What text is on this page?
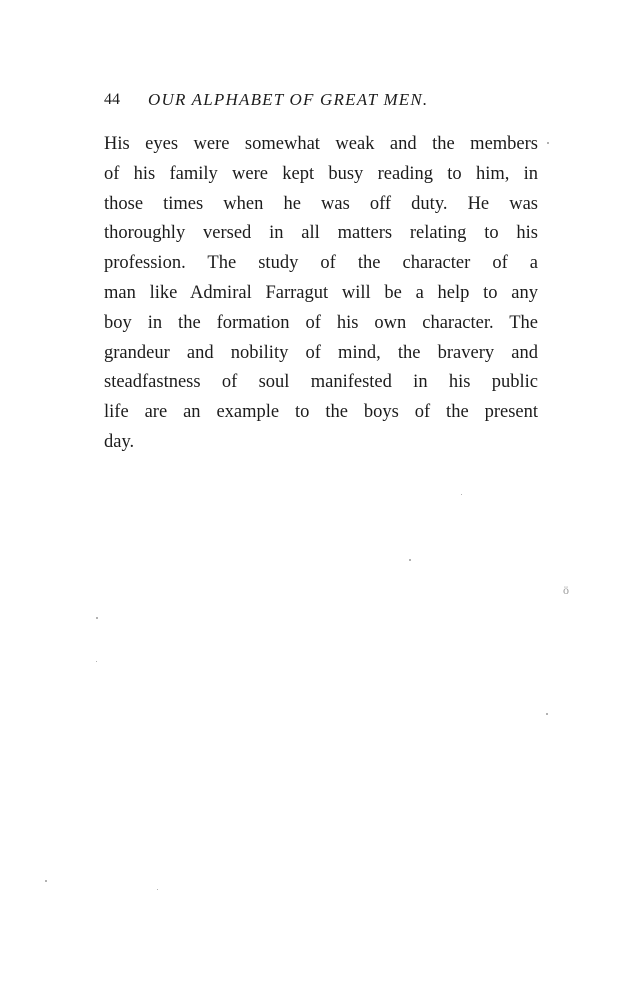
44 OUR ALPHABET OF GREAT MEN.
His eyes were somewhat weak and the members
of his family were kept busy reading to him, in
those times when he was off duty. He was
thoroughly versed in all matters relating to his
profession. The study of the character of a
man like Admiral Farragut will be a help to any
boy in the formation of his own character. The
grandeur and nobility of mind, the bravery and
steadfastness of soul manifested in his public
life are an example to the boys of the present
day.
ö
